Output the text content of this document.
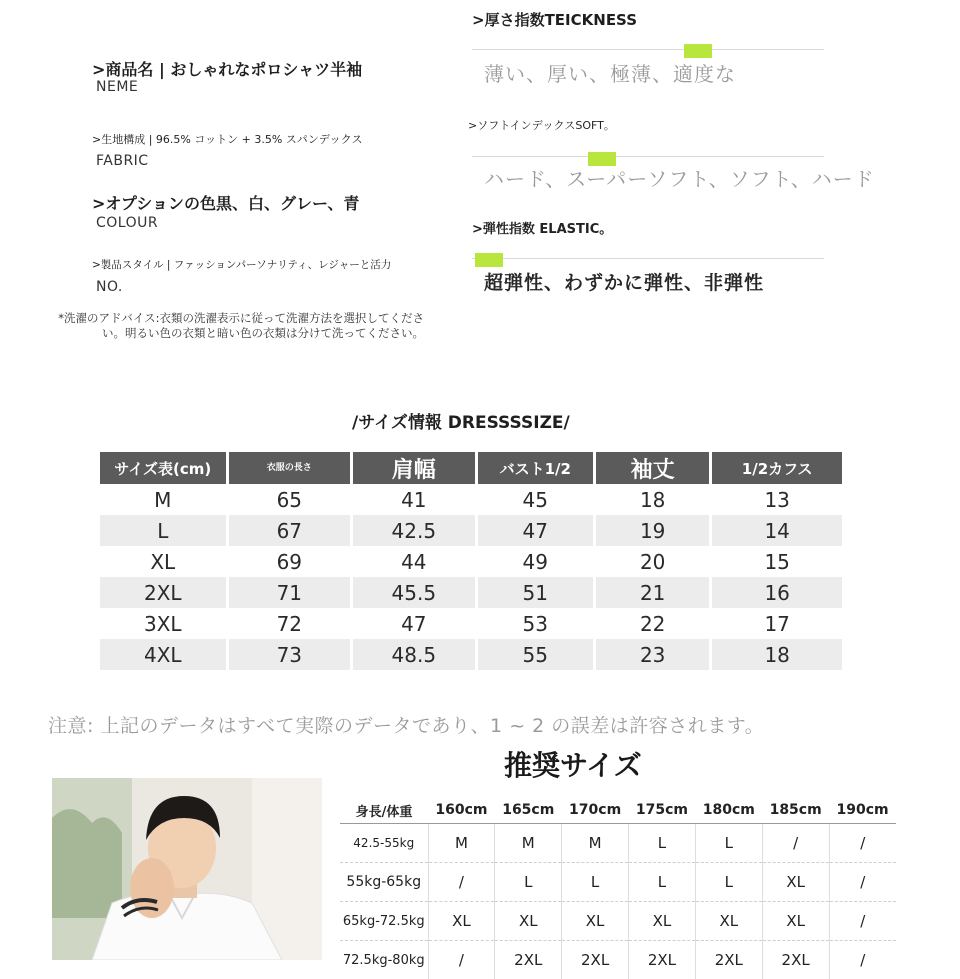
>商品名 | おしゃれなポロシャツ半袖
NEME
>生地構成 | 96.5% コットン + 3.5% スパンデックス
FABRIC
>オプションの色黒、白、グレー、青
COLOUR
>製品スタイル | ファッションパーソナリティ、レジャーと活力
NO.
*洗濯のアドバイス:衣類の洗濯表示に従って洗濯方法を選択してください。明るい色の衣類と暗い色の衣類は分けて洗ってください。
>厚さ指数TEICKNESS
薄い、厚い、極薄、適度な
>ソフトインデックスSOFT。
ハード、スーパーソフト、ソフト、ハード
>弾性指数 ELASTIC。
超弾性、わずかに弾性、非弾性
/サイズ情報 DRESSSSIZE/
サイズ表(cm)	衣服の長さ	肩幅	バスト1/2	袖丈	1/2カフス
M	65	41	45	18	13
L	67	42.5	47	19	14
XL	69	44	49	20	15
2XL	71	45.5	51	21	16
3XL	72	47	53	22	17
4XL	73	48.5	55	23	18
注意: 上記のデータはすべて実際のデータであり、1 ~ 2 の誤差は許容されます。
推奨サイズ
身長/体重	160cm	165cm	170cm	175cm	180cm	185cm	190cm
42.5-55kg	M	M	M	L	L	/	/
55kg-65kg	/	L	L	L	L	XL	/
65kg-72.5kg	XL	XL	XL	XL	XL	XL	/
72.5kg-80kg	/	2XL	2XL	2XL	2XL	2XL	/
